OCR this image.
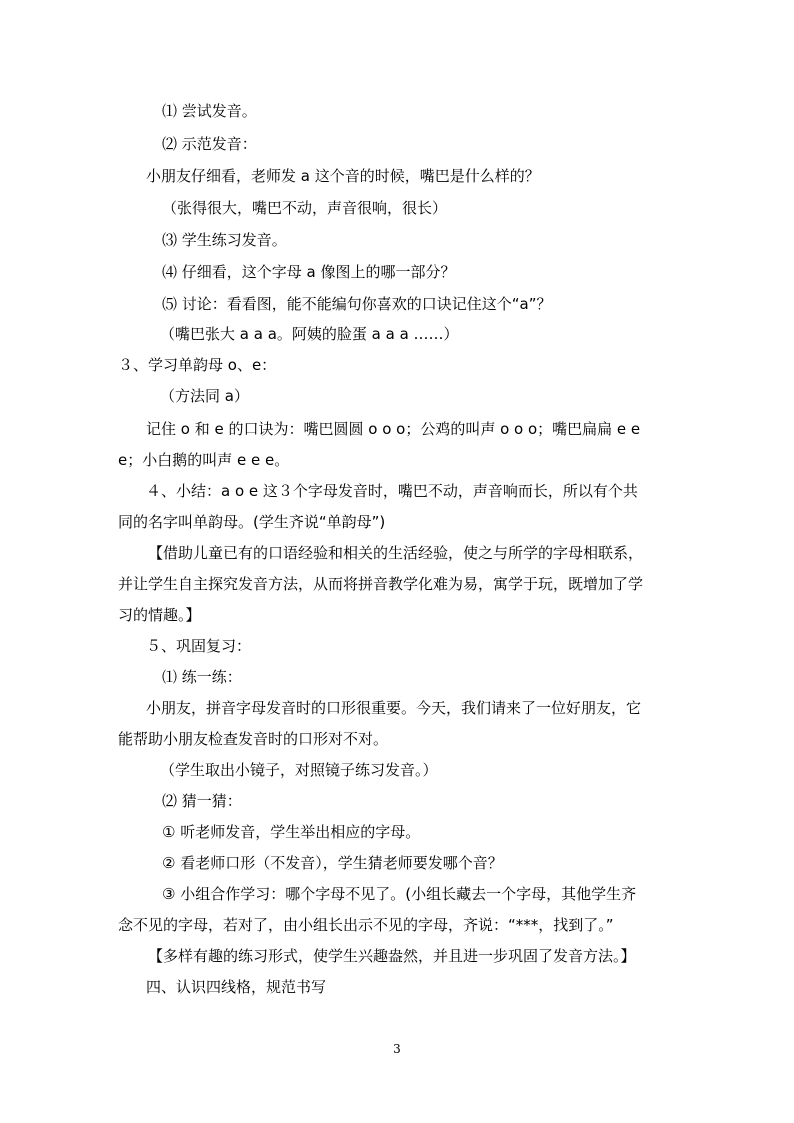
⑴ 尝试发音。
⑵ 示范发音：
小朋友仔细看，老师发 a 这个音的时候，嘴巴是什么样的？
（张得很大，嘴巴不动，声音很响，很长）
⑶ 学生练习发音。
⑷ 仔细看，这个字母 a 像图上的哪一部分？
⑸ 讨论：看看图，能不能编句你喜欢的口诀记住这个“a”？
（嘴巴张大 a a a。阿姨的脸蛋 a a a ……）
３、学习单韵母 o、e：
（方法同 a）
记住 o 和 e 的口诀为：嘴巴圆圆 o o o；公鸡的叫声 o o o；嘴巴扁扁 e e
e；小白鹅的叫声 e e e。
４、小结：a o e 这３个字母发音时，嘴巴不动，声音响而长，所以有个共
同的名字叫单韵母。(学生齐说“单韵母”)
【借助儿童已有的口语经验和相关的生活经验，使之与所学的字母相联系，
并让学生自主探究发音方法，从而将拼音教学化难为易，寓学于玩，既增加了学
习的情趣。】
５、巩固复习：
⑴ 练一练：
小朋友，拼音字母发音时的口形很重要。今天，我们请来了一位好朋友，它
能帮助小朋友检查发音时的口形对不对。
（学生取出小镜子，对照镜子练习发音。）
⑵ 猜一猜：
① 听老师发音，学生举出相应的字母。
② 看老师口形（不发音），学生猜老师要发哪个音？
③ 小组合作学习：哪个字母不见了。(小组长藏去一个字母，其他学生齐
念不见的字母，若对了，由小组长出示不见的字母，齐说：“***，找到了。”
【多样有趣的练习形式，使学生兴趣盎然，并且进一步巩固了发音方法。】
四、认识四线格，规范书写
3
